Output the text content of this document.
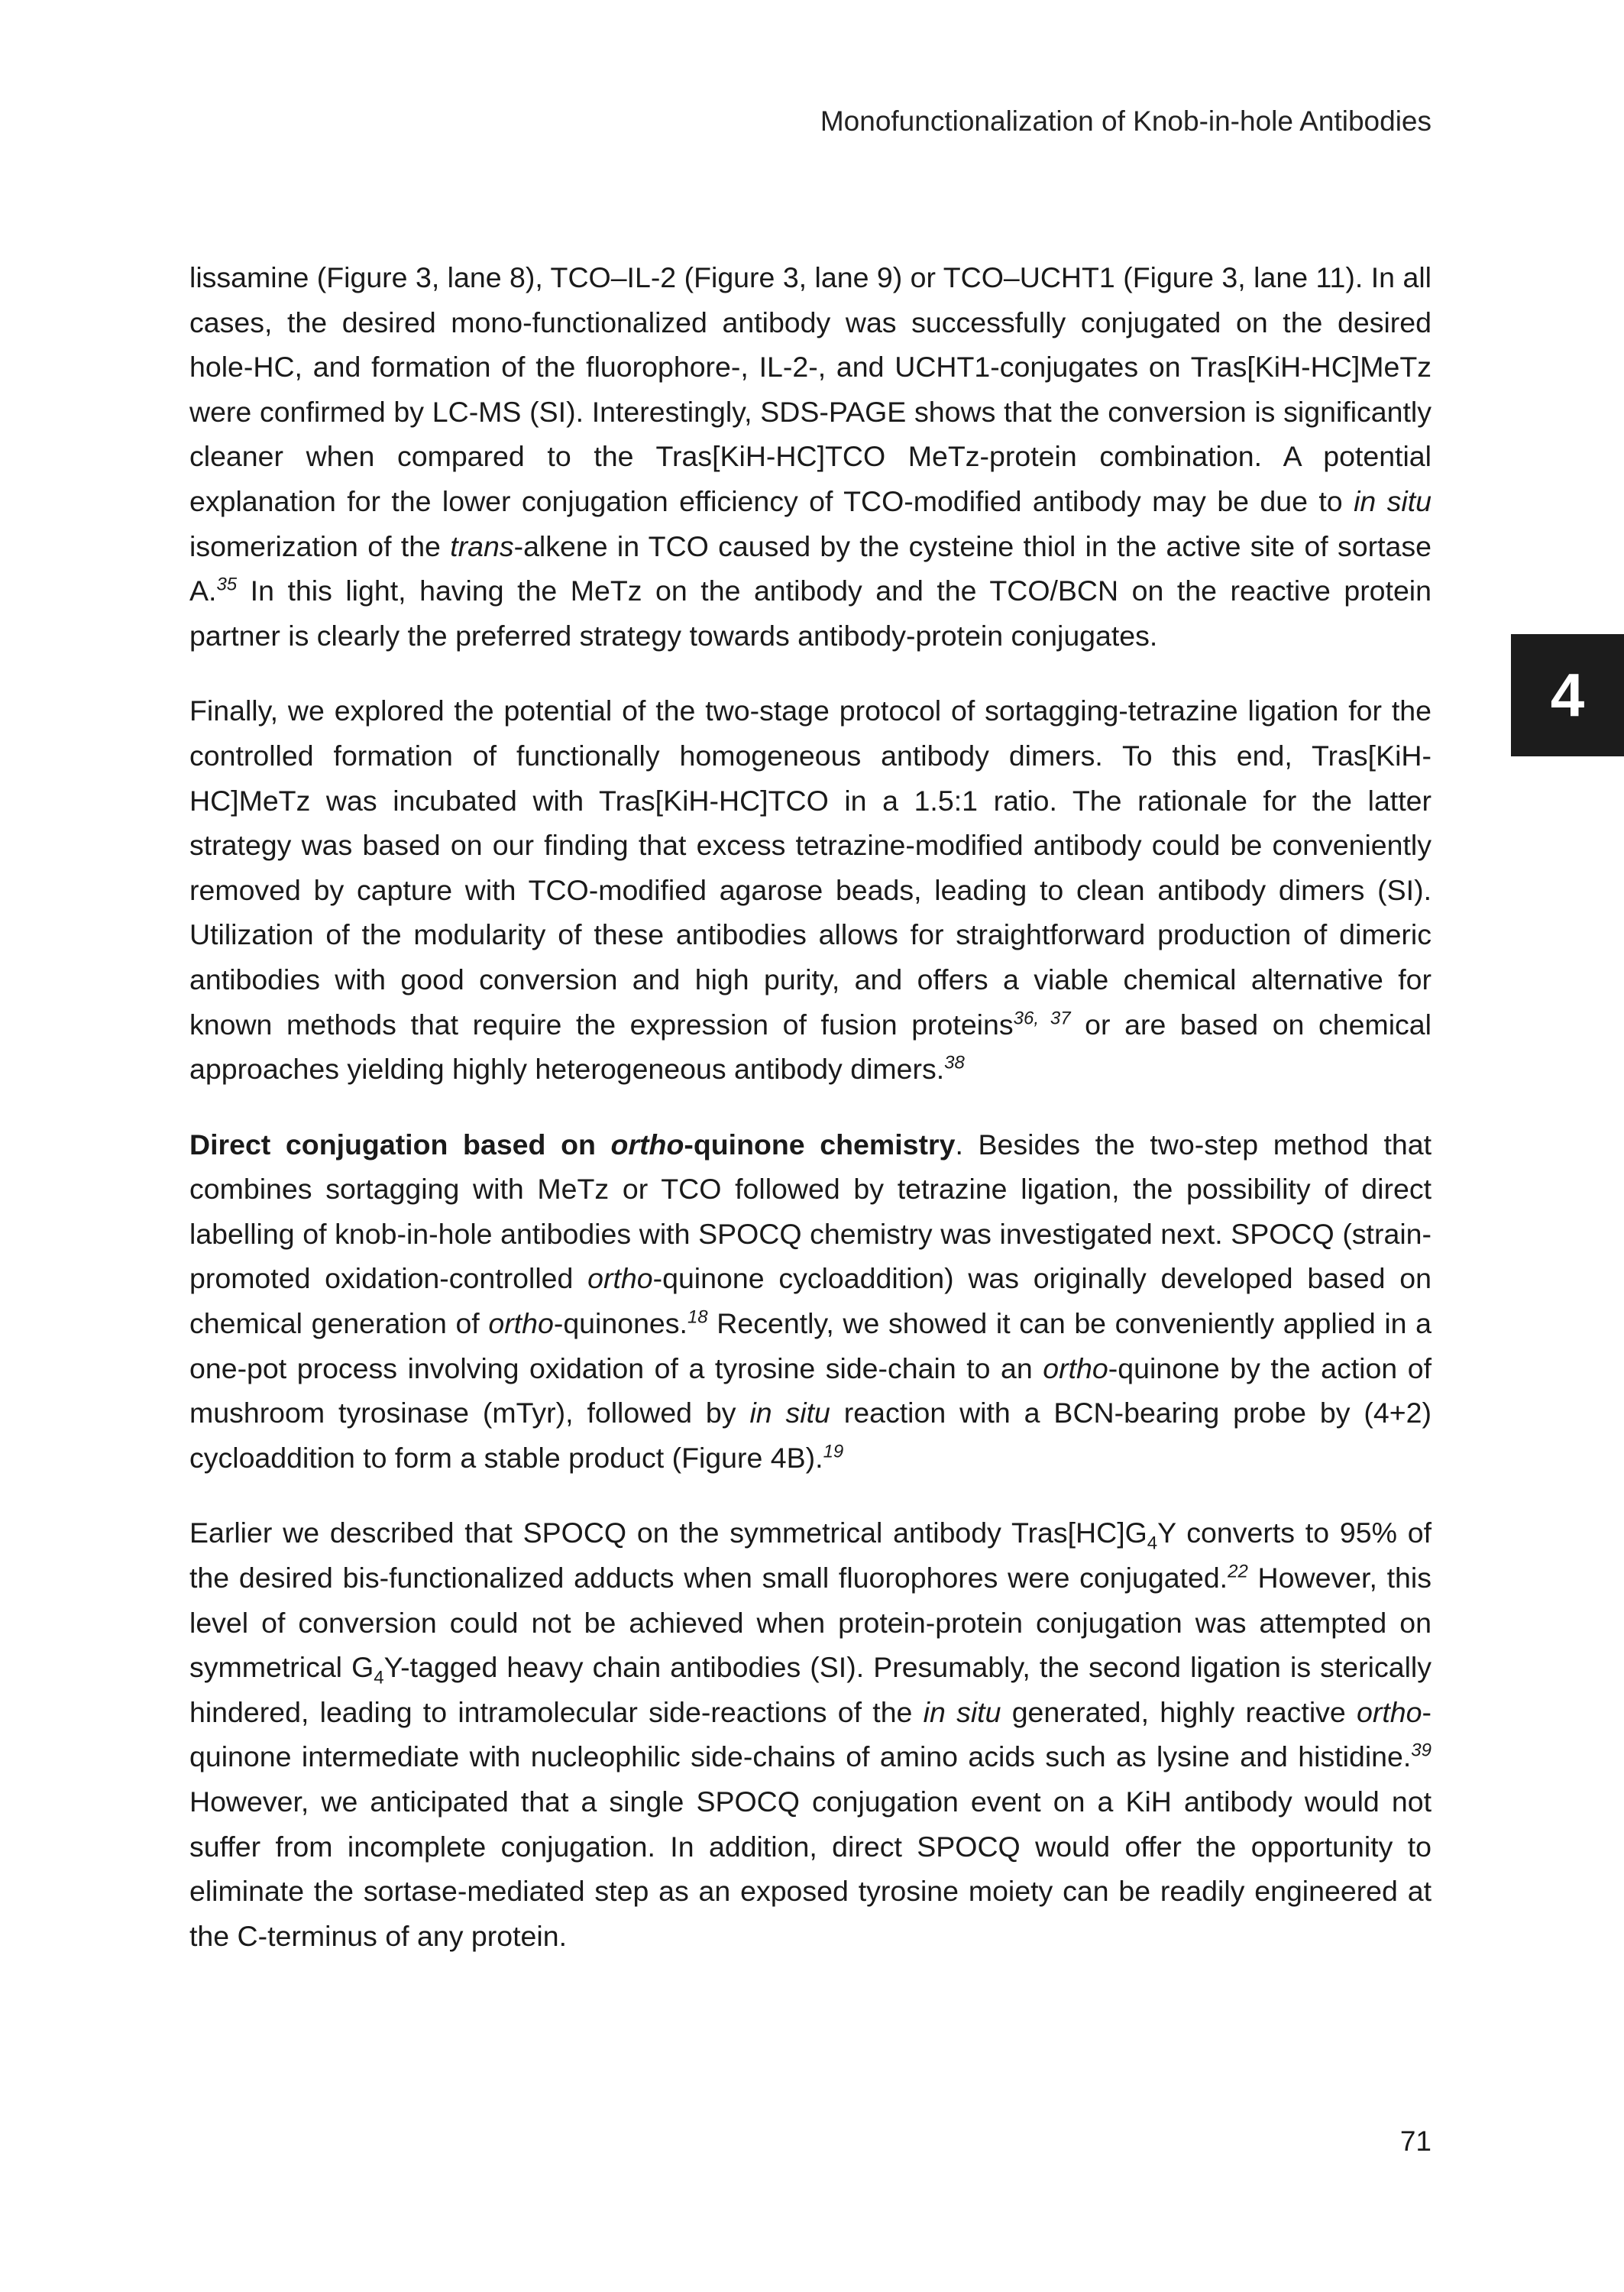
Monofunctionalization of Knob-in-hole Antibodies
4

lissamine (Figure 3, lane 8), TCO–IL-2 (Figure 3, lane 9) or TCO–UCHT1 (Figure 3, lane 11). In all cases, the desired mono-functionalized antibody was successfully conjugated on the desired hole-HC, and formation of the fluorophore-, IL-2-, and UCHT1-conjugates on Tras[KiH-HC]MeTz were confirmed by LC-MS (SI). Interestingly, SDS-PAGE shows that the conversion is significantly cleaner when compared to the Tras[KiH-HC]TCO MeTz-protein combination. A potential explanation for the lower conjugation efficiency of TCO-modified antibody may be due to in situ isomerization of the trans-alkene in TCO caused by the cysteine thiol in the active site of sortase A.$^{35}$ In this light, having the MeTz on the antibody and the TCO/BCN on the reactive protein partner is clearly the preferred strategy towards antibody-protein conjugates.

Finally, we explored the potential of the two-stage protocol of sortagging-tetrazine ligation for the controlled formation of functionally homogeneous antibody dimers. To this end, Tras[KiH-HC]MeTz was incubated with Tras[KiH-HC]TCO in a 1.5:1 ratio. The rationale for the latter strategy was based on our finding that excess tetrazine-modified antibody could be conveniently removed by capture with TCO-modified agarose beads, leading to clean antibody dimers (SI). Utilization of the modularity of these antibodies allows for straightforward production of dimeric antibodies with good conversion and high purity, and offers a viable chemical alternative for known methods that require the expression of fusion proteins$^{36, 37}$ or are based on chemical approaches yielding highly heterogeneous antibody dimers.$^{38}$

Direct conjugation based on ortho-quinone chemistry. Besides the two-step method that combines sortagging with MeTz or TCO followed by tetrazine ligation, the possibility of direct labelling of knob-in-hole antibodies with SPOCQ chemistry was investigated next. SPOCQ (strain-promoted oxidation-controlled ortho-quinone cycloaddition) was originally developed based on chemical generation of ortho-quinones.$^{18}$ Recently, we showed it can be conveniently applied in a one-pot process involving oxidation of a tyrosine side-chain to an ortho-quinone by the action of mushroom tyrosinase (mTyr), followed by in situ reaction with a BCN-bearing probe by (4+2) cycloaddition to form a stable product (Figure 4B).$^{19}$

Earlier we described that SPOCQ on the symmetrical antibody $Tras[HC]G_4Y$ converts to 95% of the desired bis-functionalized adducts when small fluorophores were conjugated.$^{22}$ However, this level of conversion could not be achieved when protein-protein conjugation was attempted on symmetrical $G_4Y$-tagged heavy chain antibodies (SI). Presumably, the second ligation is sterically hindered, leading to intramolecular side-reactions of the in situ generated, highly reactive ortho-quinone intermediate with nucleophilic side-chains of amino acids such as lysine and histidine.$^{39}$ However, we anticipated that a single SPOCQ conjugation event on a KiH antibody would not suffer from incomplete conjugation. In addition, direct SPOCQ would offer the opportunity to eliminate the sortase-mediated step as an exposed tyrosine moiety can be readily engineered at the C-terminus of any protein.

71
